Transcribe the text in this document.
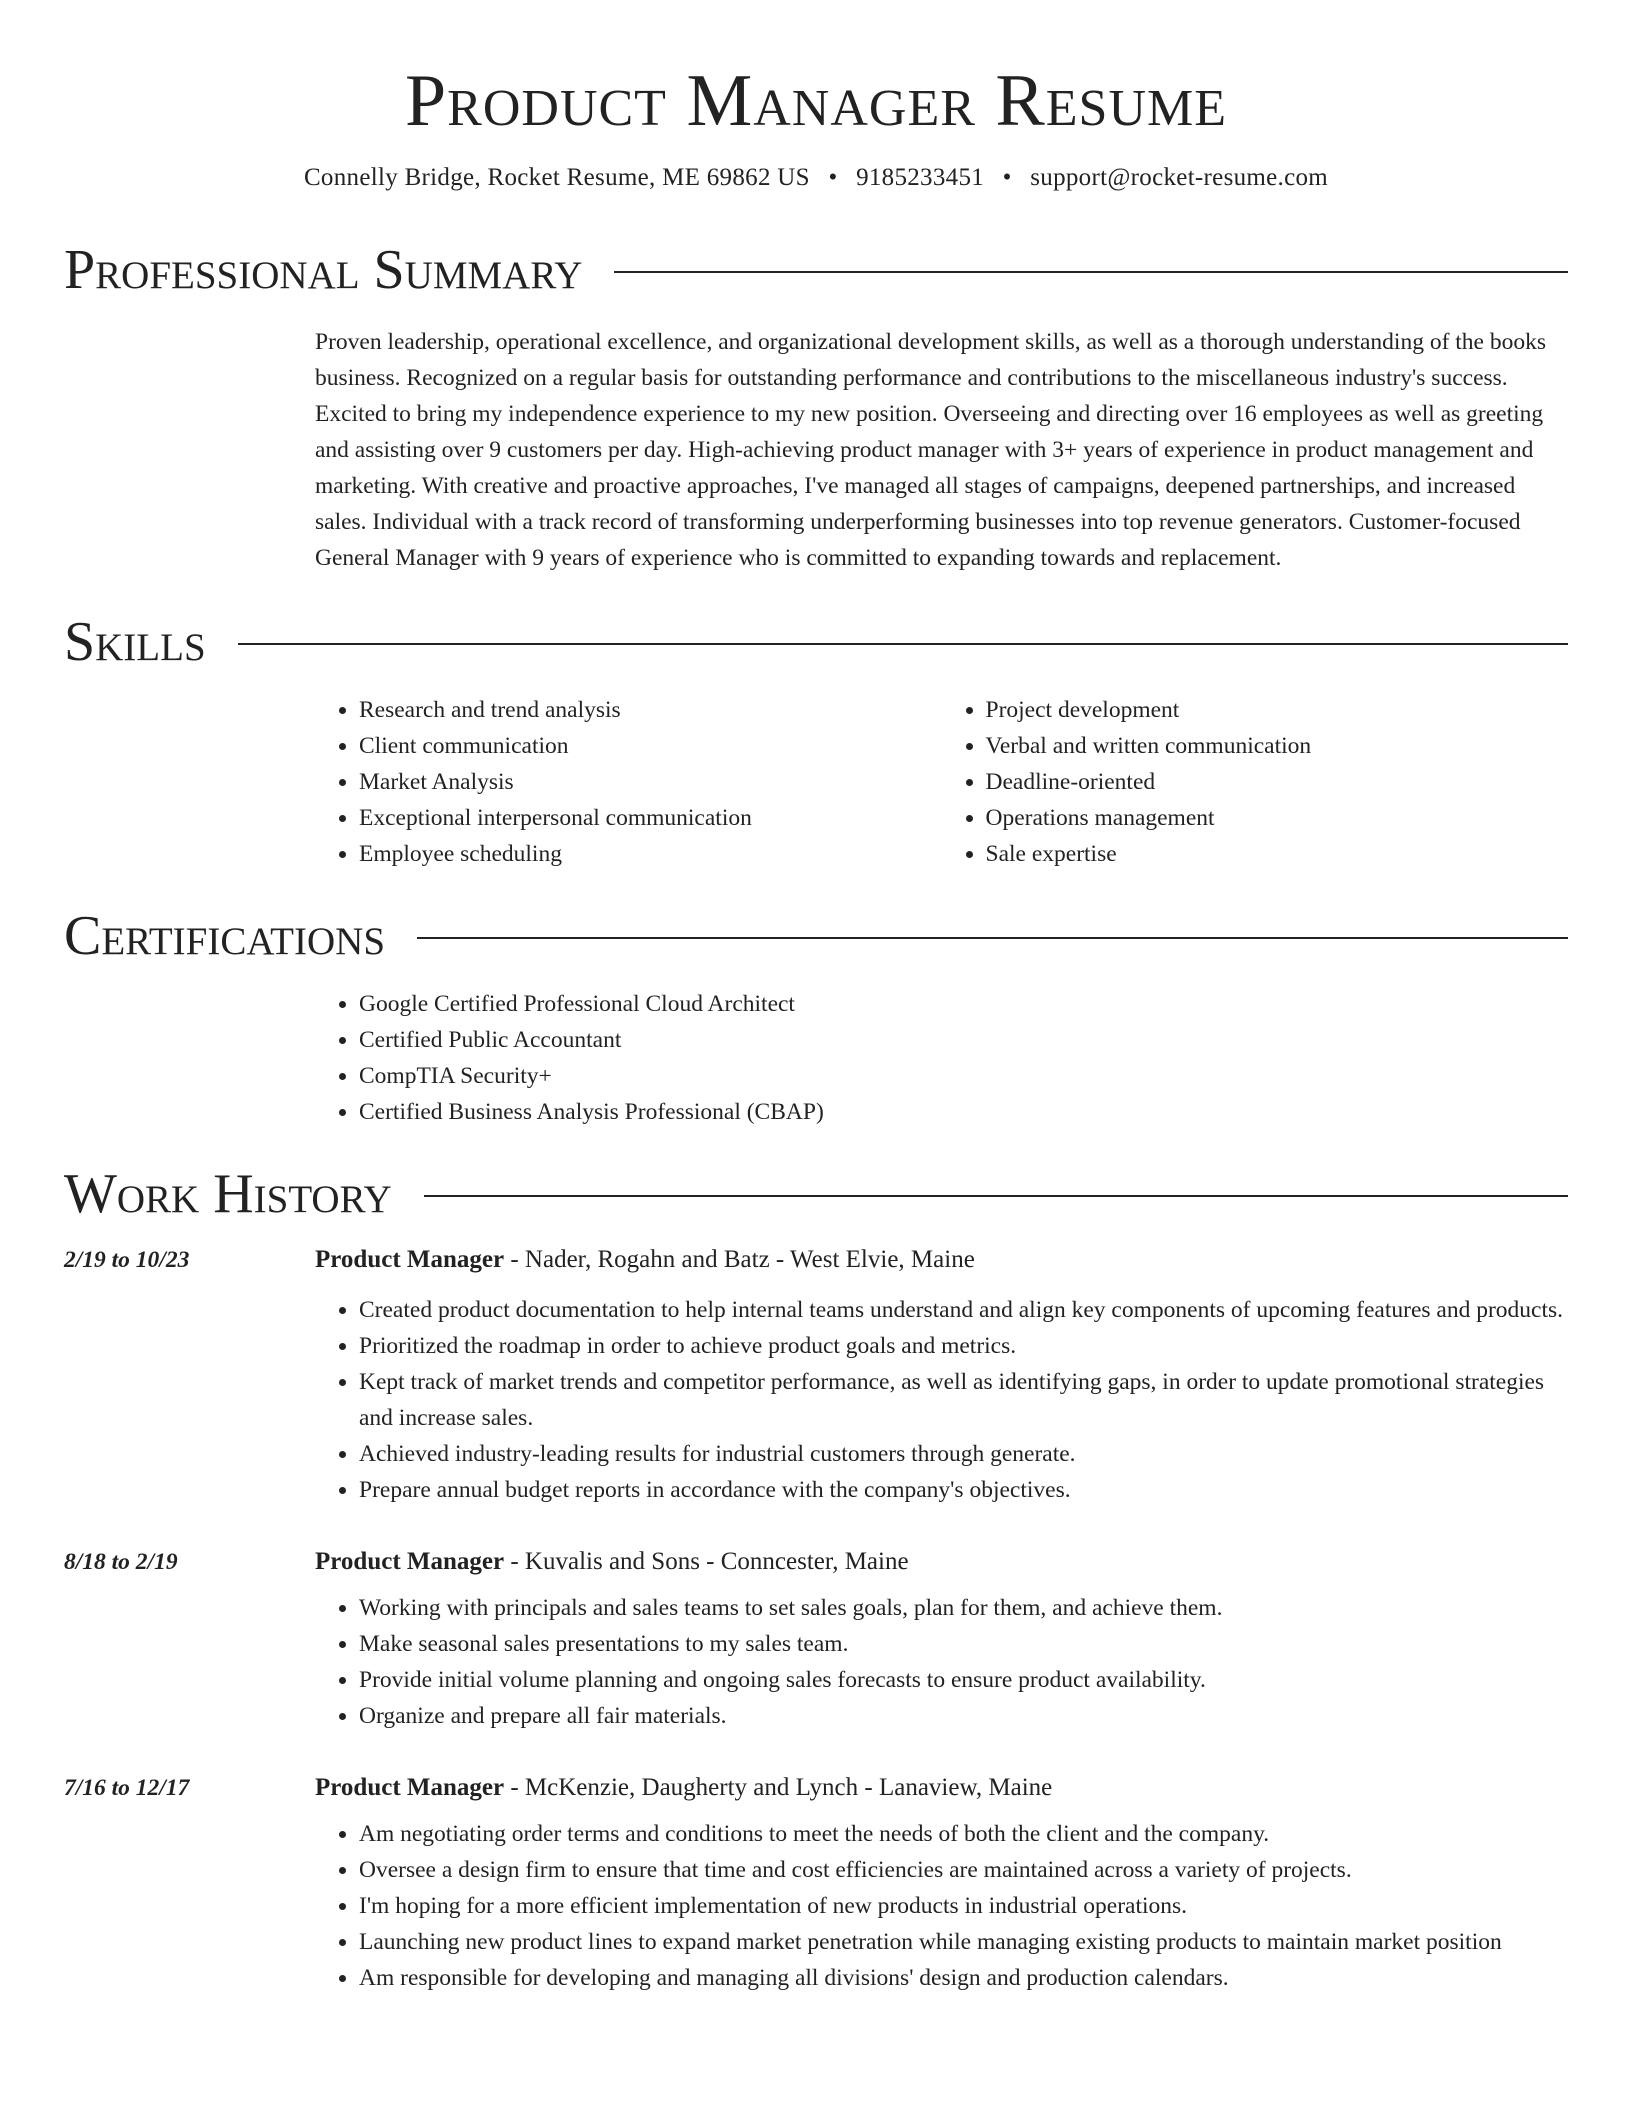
Product Manager Resume
Connelly Bridge, Rocket Resume, ME 69862 US • 9185233451 • support@rocket-resume.com
Professional Summary

Proven leadership, operational excellence, and organizational development skills, as well as a thorough understanding of the books business. Recognized on a regular basis for outstanding performance and contributions to the miscellaneous industry's success. Excited to bring my independence experience to my new position. Overseeing and directing over 16 employees as well as greeting and assisting over 9 customers per day. High-achieving product manager with 3+ years of experience in product management and marketing. With creative and proactive approaches, I've managed all stages of campaigns, deepened partnerships, and increased sales. Individual with a track record of transforming underperforming businesses into top revenue generators. Customer-focused General Manager with 9 years of experience who is committed to expanding towards and replacement.

Skills
• Research and trend analysis
• Client communication
• Market Analysis
• Exceptional interpersonal communication
• Employee scheduling
• Project development
• Verbal and written communication
• Deadline-oriented
• Operations management
• Sale expertise
Certifications
• Google Certified Professional Cloud Architect
• Certified Public Accountant
• CompTIA Security+
• Certified Business Analysis Professional (CBAP)
Work History
2/19 to 10/23	Product Manager - Nader, Rogahn and Batz - West Elvie, Maine
• Created product documentation to help internal teams understand and align key components of upcoming features and products.
• Prioritized the roadmap in order to achieve product goals and metrics.
• Kept track of market trends and competitor performance, as well as identifying gaps, in order to update promotional strategies and increase sales.
• Achieved industry-leading results for industrial customers through generate.
• Prepare annual budget reports in accordance with the company's objectives.
8/18 to 2/19	Product Manager - Kuvalis and Sons - Conncester, Maine
• Working with principals and sales teams to set sales goals, plan for them, and achieve them.
• Make seasonal sales presentations to my sales team.
• Provide initial volume planning and ongoing sales forecasts to ensure product availability.
• Organize and prepare all fair materials.
7/16 to 12/17	Product Manager - McKenzie, Daugherty and Lynch - Lanaview, Maine
• Am negotiating order terms and conditions to meet the needs of both the client and the company.
• Oversee a design firm to ensure that time and cost efficiencies are maintained across a variety of projects.
• I'm hoping for a more efficient implementation of new products in industrial operations.
• Launching new product lines to expand market penetration while managing existing products to maintain market position
• Am responsible for developing and managing all divisions' design and production calendars.
